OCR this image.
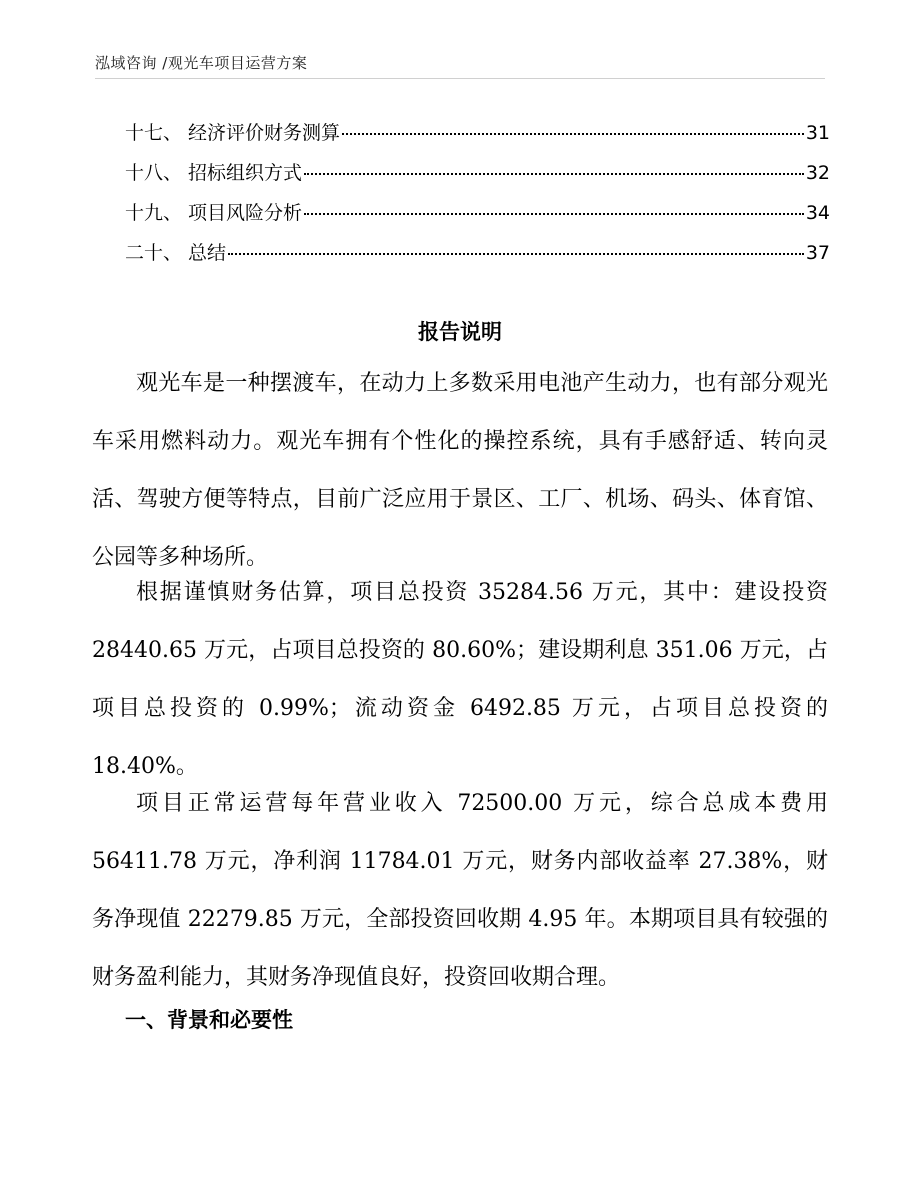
泓域咨询 /观光车项目运营方案
十七、 经济评价财务测算	31
十八、 招标组织方式	32
十九、 项目风险分析	34
二十、 总结	37
报告说明

观光车是一种摆渡车，在动力上多数采用电池产生动力，也有部分观光车采用燃料动力。观光车拥有个性化的操控系统，具有手感舒适、转向灵活、驾驶方便等特点，目前广泛应用于景区、工厂、机场、码头、体育馆、公园等多种场所。

根据谨慎财务估算，项目总投资 35284.56 万元，其中：建设投资 28440.65 万元，占项目总投资的 80.60%；建设期利息 351.06 万元，占项目总投资的 0.99%；流动资金 6492.85 万元，占项目总投资的 18.40%。

项目正常运营每年营业收入 72500.00 万元，综合总成本费用 56411.78 万元，净利润 11784.01 万元，财务内部收益率 27.38%，财务净现值 22279.85 万元，全部投资回收期 4.95 年。本期项目具有较强的财务盈利能力，其财务净现值良好，投资回收期合理。

一、背景和必要性
